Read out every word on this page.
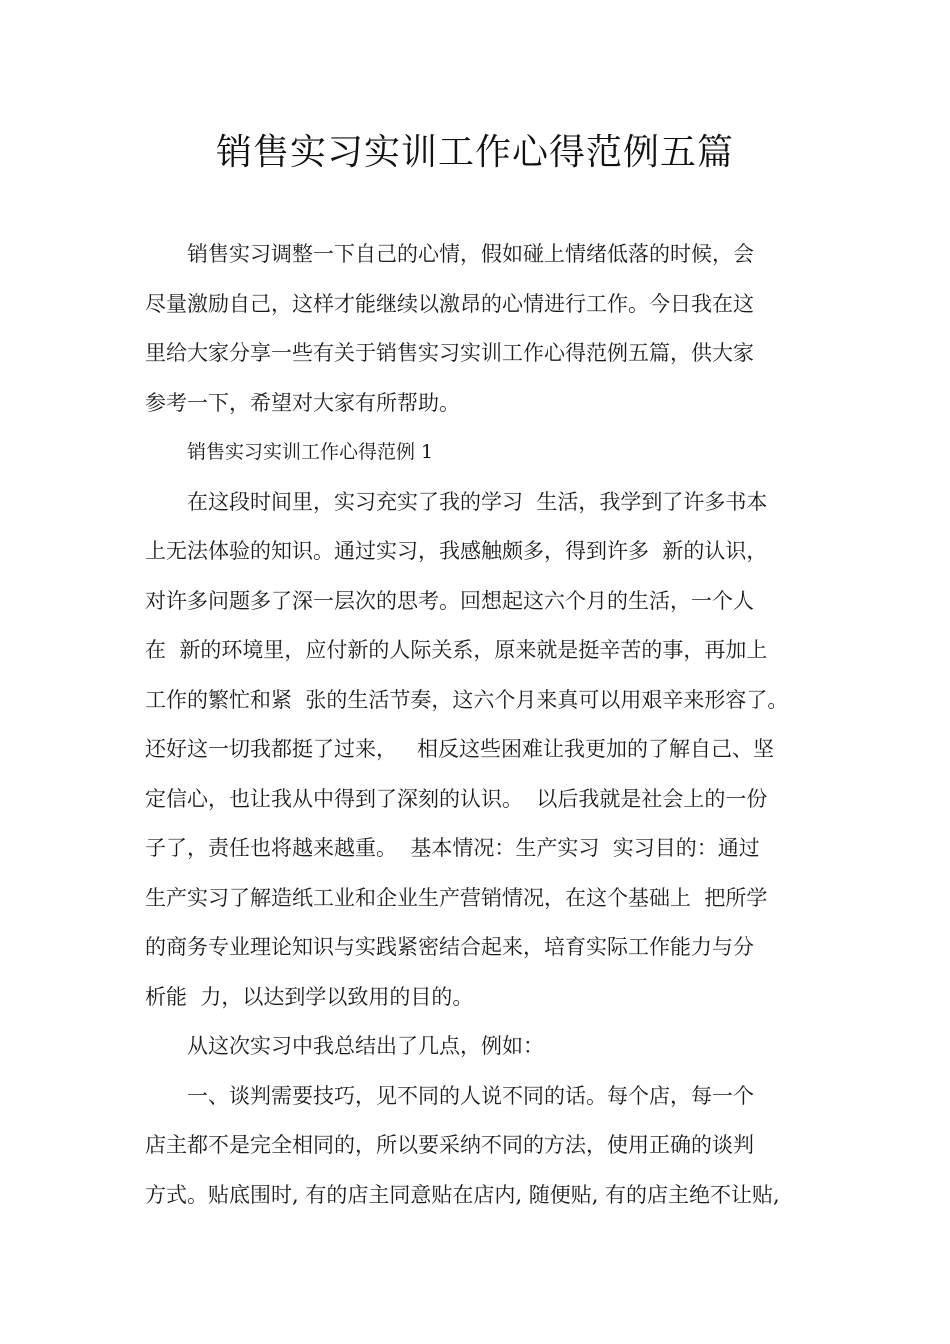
销售实习实训工作心得范例五篇
销售实习调整一下自己的心情，假如碰上情绪低落的时候，会
尽量激励自己，这样才能继续以激昂的心情进行工作。今日我在这
里给大家分享一些有关于销售实习实训工作心得范例五篇，供大家
参考一下，希望对大家有所帮助。
销售实习实训工作心得范例 1
在这段时间里，实习充实了我的学习  生活，我学到了许多书本
上无法体验的知识。通过实习，我感触颇多，得到许多  新的认识，
对许多问题多了深一层次的思考。回想起这六个月的生活，一个人
在  新的环境里，应付新的人际关系，原来就是挺辛苦的事，再加上
工作的繁忙和紧  张的生活节奏，这六个月来真可以用艰辛来形容了。
还好这一切我都挺了过来，   相反这些困难让我更加的了解自己、坚
定信心，也让我从中得到了深刻的认识。  以后我就是社会上的一份
子了，责任也将越来越重。  基本情况：生产实习  实习目的：通过
生产实习了解造纸工业和企业生产营销情况，在这个基础上  把所学
的商务专业理论知识与实践紧密结合起来，培育实际工作能力与分
析能  力，以达到学以致用的目的。
从这次实习中我总结出了几点，例如：
一、谈判需要技巧，见不同的人说不同的话。每个店，每一个
店主都不是完全相同的，所以要采纳不同的方法，使用正确的谈判
方式。贴底围时, 有的店主同意贴在店内, 随便贴, 有的店主绝不让贴,
